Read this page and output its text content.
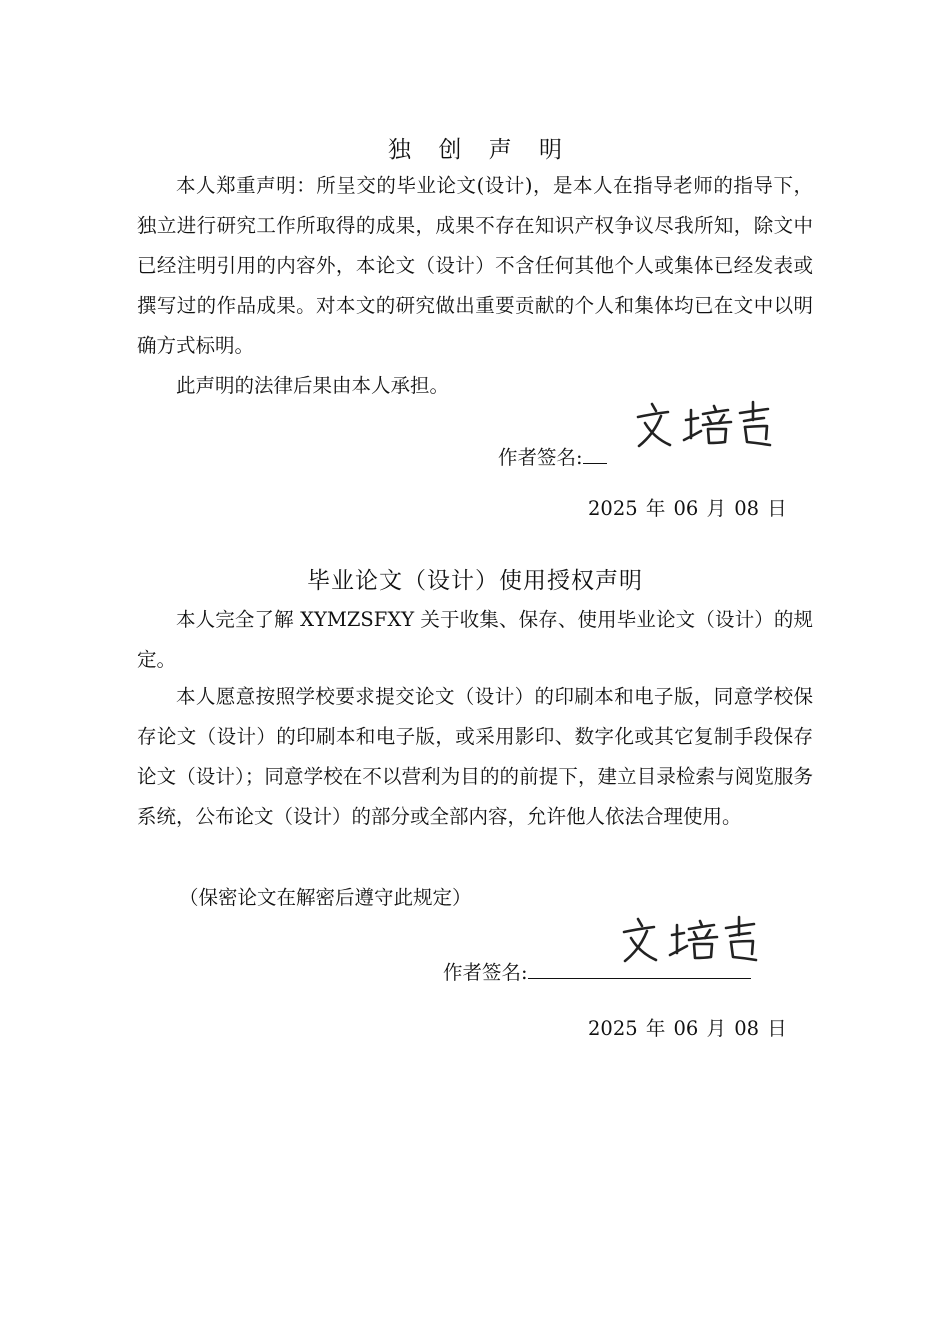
独 创 声 明

本人郑重声明：所呈交的毕业论文(设计)，是本人在指导老师的指导下，独立进行研究工作所取得的成果，成果不存在知识产权争议尽我所知，除文中已经注明引用的内容外，本论文（设计）不含任何其他个人或集体已经发表或撰写过的作品成果。对本文的研究做出重要贡献的个人和集体均已在文中以明确方式标明。

此声明的法律后果由本人承担。

作者签名:
2025 年 06 月 08 日
毕业论文（设计）使用授权声明

本人完全了解 XYMZSFXY 关于收集、保存、使用毕业论文（设计）的规定。

本人愿意按照学校要求提交论文（设计）的印刷本和电子版，同意学校保存论文（设计）的印刷本和电子版，或采用影印、数字化或其它复制手段保存论文（设计）；同意学校在不以营利为目的的前提下，建立目录检索与阅览服务系统，公布论文（设计）的部分或全部内容，允许他人依法合理使用。

（保密论文在解密后遵守此规定）

作者签名:
2025 年 06 月 08 日
